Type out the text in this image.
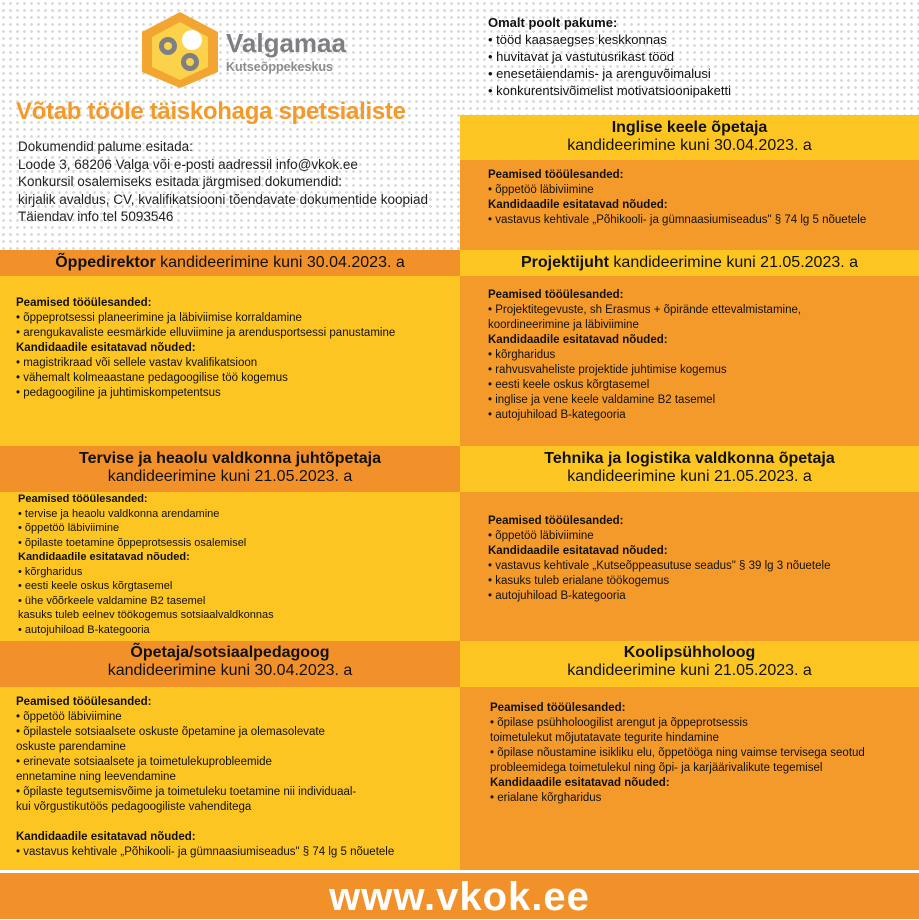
Valgamaa
Kutseõppekeskus
Võtab tööle täiskohaga spetsialiste
Dokumendid palume esitada:
Loode 3, 68206 Valga või e-posti aadressil info@vkok.ee
Konkursil osalemiseks esitada järgmised dokumendid:
kirjalik avaldus, CV, kvalifikatsiooni tõendavate dokumentide koopiad
Täiendav info tel 5093546
Omalt poolt pakume:
• tööd kaasaegses keskkonnas
• huvitavat ja vastutusrikast tööd
• enesetäiendamis- ja arenguvõimalusi
• konkurentsivõimelist motivatsioonipaketti
Inglise keele õpetaja
kandideerimine kuni 30.04.2023. a
Peamised tööülesanded:
• õppetöö läbiviimine
Kandidaadile esitatavad nõuded:
• vastavus kehtivale „Põhikooli- ja gümnaasiumiseadus" § 74 lg 5 nõuetele
Õppedirektor kandideerimine kuni 30.04.2023. a	Projektijuht kandideerimine kuni 21.05.2023. a
Peamised tööülesanded:
• õppeprotsessi planeerimine ja läbiviimise korraldamine
• arengukavaliste eesmärkide elluviimine ja arendusportsessi panustamine
Kandidaadile esitatavad nõuded:
• magistrikraad või sellele vastav kvalifikatsioon
• vähemalt kolmeaastane pedagoogilise töö kogemus
• pedagoogiline ja juhtimiskompetentsus
Peamised tööülesanded:
• Projektitegevuste, sh Erasmus + õpirände ettevalmistamine,
koordineerimine ja läbiviimine
Kandidaadile esitatavad nõuded:
• kõrgharidus
• rahvusvaheliste projektide juhtimise kogemus
• eesti keele oskus kõrgtasemel
• inglise ja vene keele valdamine B2 tasemel
• autojuhiload B-kategooria
Tervise ja heaolu valdkonna juhtõpetaja
kandideerimine kuni 21.05.2023. a
Peamised tööülesanded:
• tervise ja heaolu valdkonna arendamine
• õppetöö läbiviimine
• õpilaste toetamine õppeprotsessis osalemisel
Kandidaadile esitatavad nõuded:
• kõrgharidus
• eesti keele oskus kõrgtasemel
• ühe võõrkeele valdamine B2 tasemel
kasuks tuleb eelnev töökogemus sotsiaalvaldkonnas
• autojuhiload B-kategooria
Tehnika ja logistika valdkonna õpetaja
kandideerimine kuni 21.05.2023. a
Peamised tööülesanded:
• õppetöö läbiviimine
Kandidaadile esitatavad nõuded:
• vastavus kehtivale „Kutseõppeasutuse seadus" § 39 lg 3 nõuetele
• kasuks tuleb erialane töökogemus
• autojuhiload B-kategooria
Õpetaja/sotsiaalpedagoog
kandideerimine kuni 30.04.2023. a
Peamised tööülesanded:
• õppetöö läbiviimine
• õpilastele sotsiaalsete oskuste õpetamine ja olemasolevate
oskuste parendamine
• erinevate sotsiaalsete ja toimetulekuprobleemide
ennetamine ning leevendamine
• õpilaste tegutsemisvõime ja toimetuleku toetamine nii individuaal-
kui võrgustikutöös pedagoogiliste vahenditega

Kandidaadile esitatavad nõuded:
• vastavus kehtivale „Põhikooli- ja gümnaasiumiseadus" § 74 lg 5 nõuetele
Koolipsühholoog
kandideerimine kuni 21.05.2023. a
Peamised tööülesanded:
• õpilase psühholoogilist arengut ja õppeprotsessis
toimetulekut mõjutatavate tegurite hindamine
• õpilase nõustamine isikliku elu, õppetööga ning vaimse tervisega seotud
probleemidega toimetulekul ning õpi- ja karjäärivalikute tegemisel
Kandidaadile esitatavad nõuded:
• erialane kõrgharidus
www.vkok.ee
